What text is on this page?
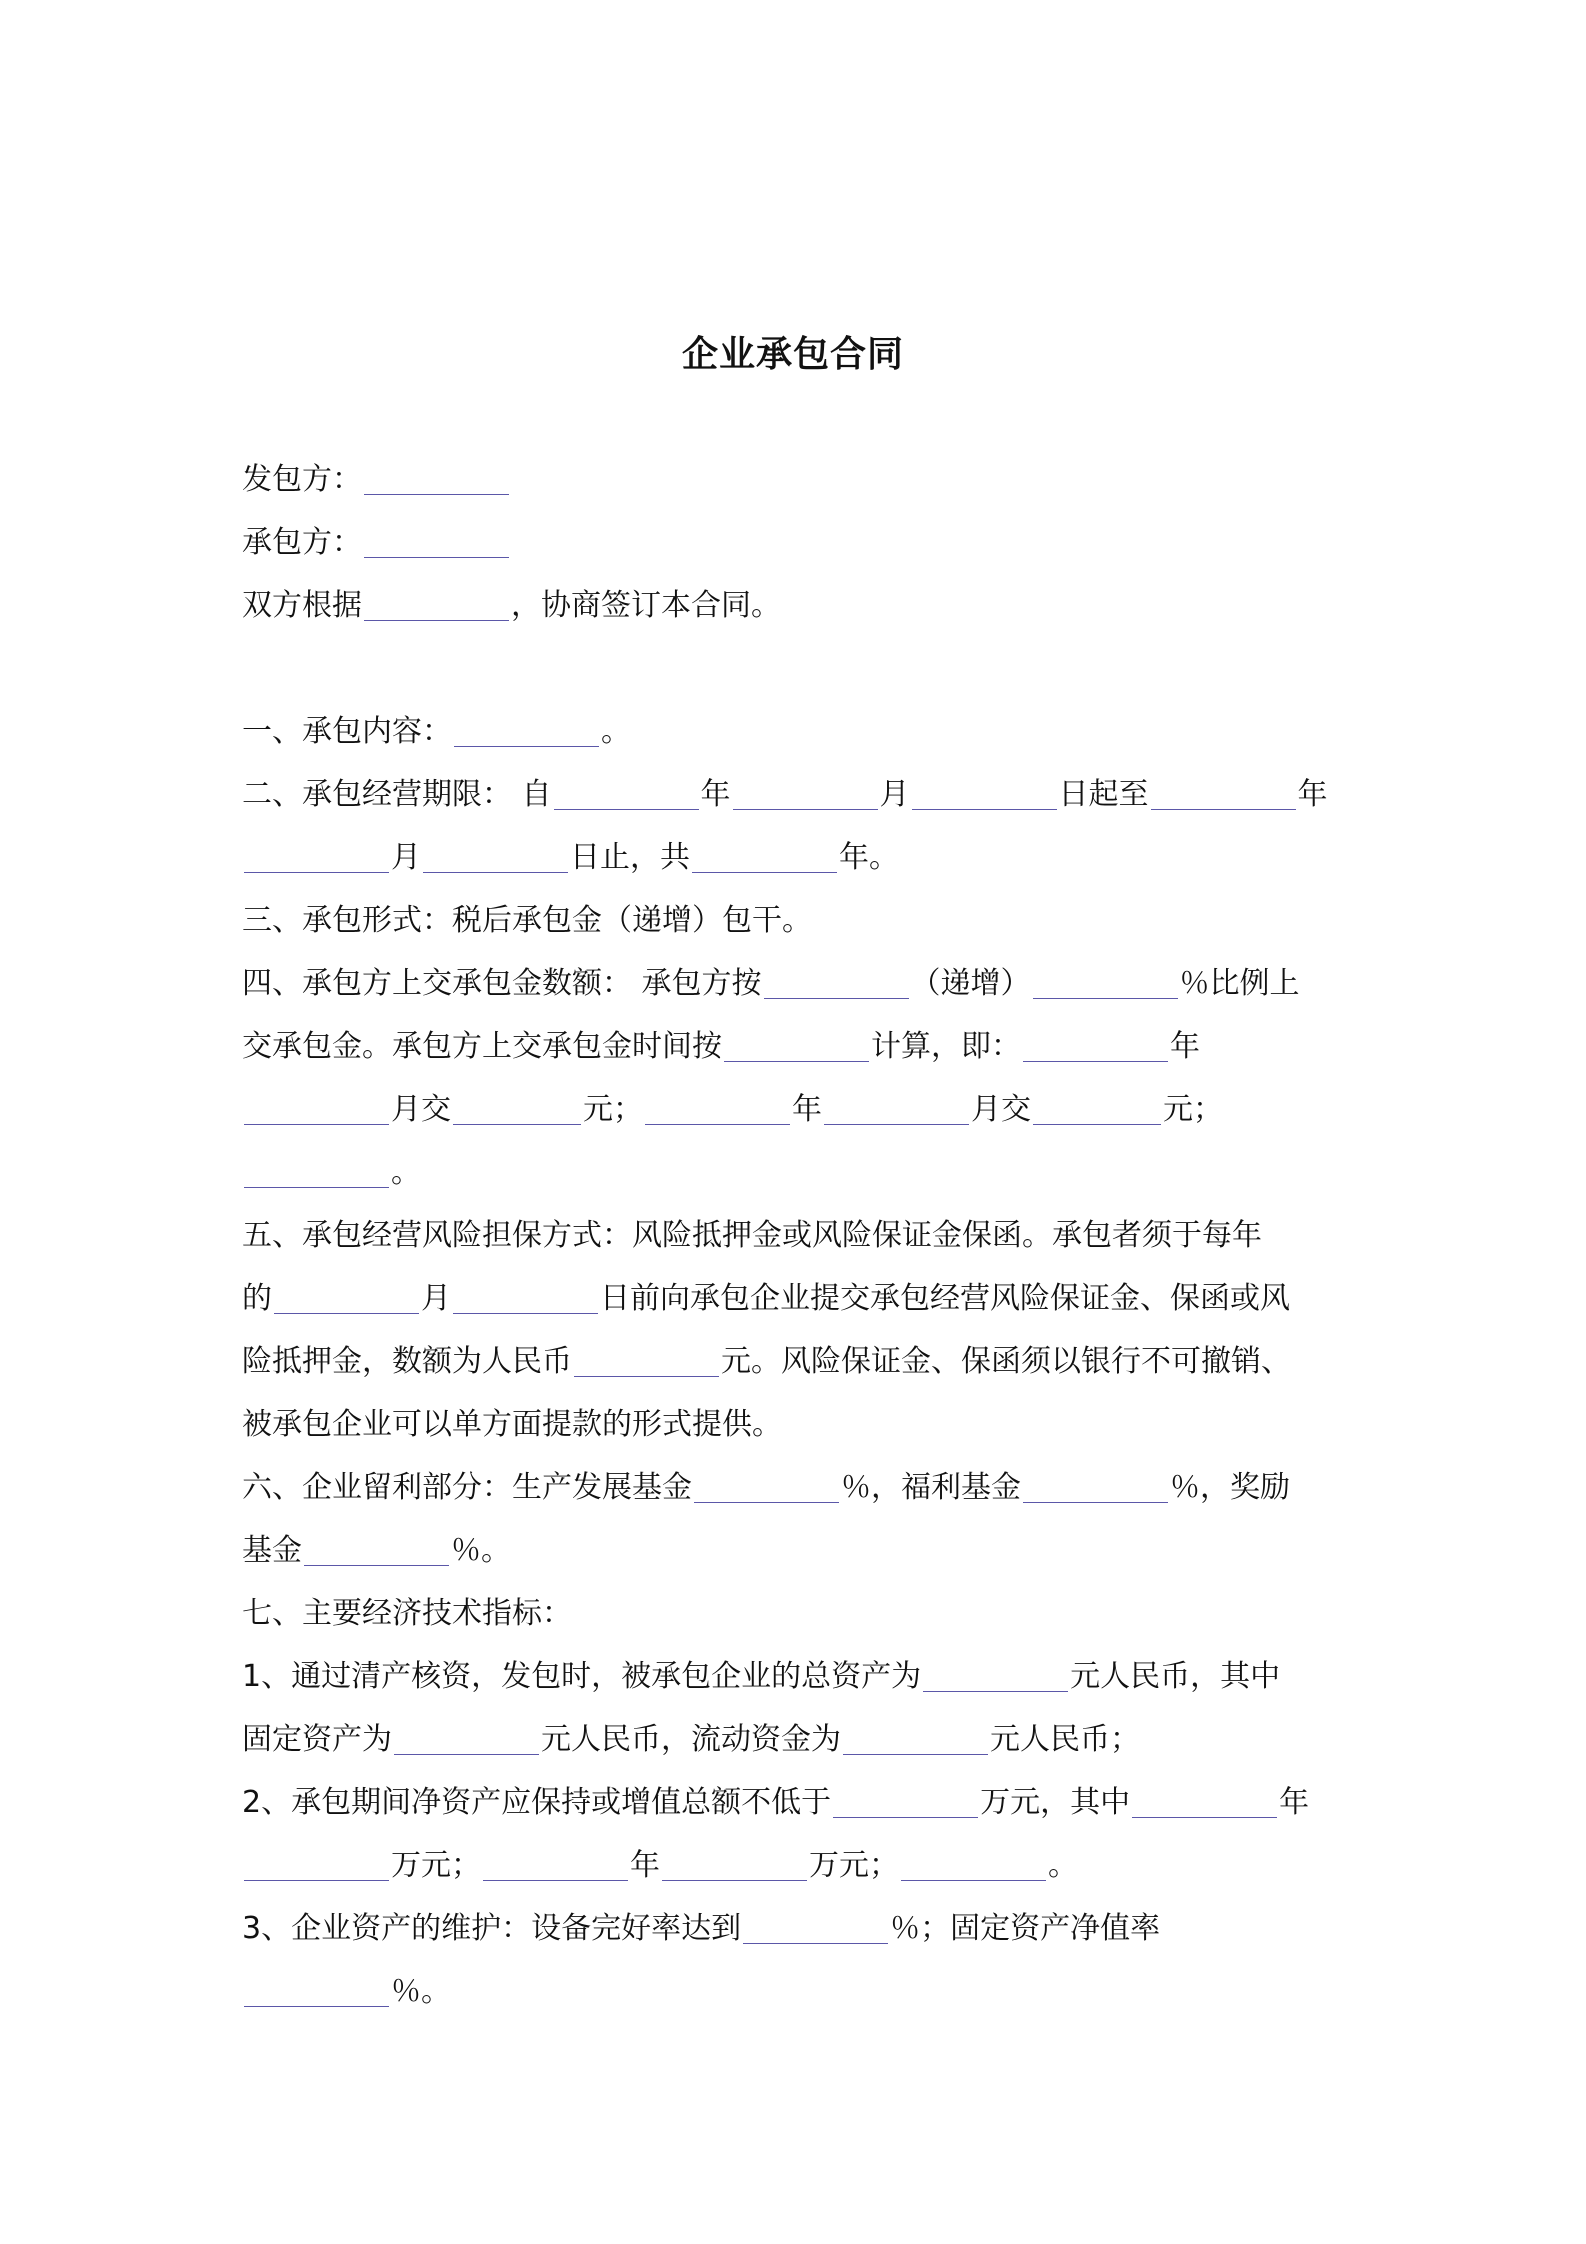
企业承包合同
发包方：
承包方：
双方根据	，协商签订本合同。
一、承包内容：	。
二、承包经营期限： 自	年	月	日起至	年
月	日止，共	年。
三、承包形式：税后承包金（递增）包干。
四、承包方上交承包金数额： 承包方按	（递增）	％比例上
交承包金。承包方上交承包金时间按	计算，即：	年
月交	元；	年	月交	元；
。
五、承包经营风险担保方式：风险抵押金或风险保证金保函。承包者须于每年
的	月	日前向承包企业提交承包经营风险保证金、保函或风
险抵押金，数额为人民币	元。风险保证金、保函须以银行不可撤销、
被承包企业可以单方面提款的形式提供。
六、企业留利部分：生产发展基金	％，福利基金	％，奖励
基金	％。
七、主要经济技术指标：
1、通过清产核资，发包时，被承包企业的总资产为	元人民币，其中
固定资产为	元人民币，流动资金为	元人民币；
2、承包期间净资产应保持或增值总额不低于	万元，其中	年
万元；	年	万元；	。
3、企业资产的维护：设备完好率达到	％；固定资产净值率
％。
